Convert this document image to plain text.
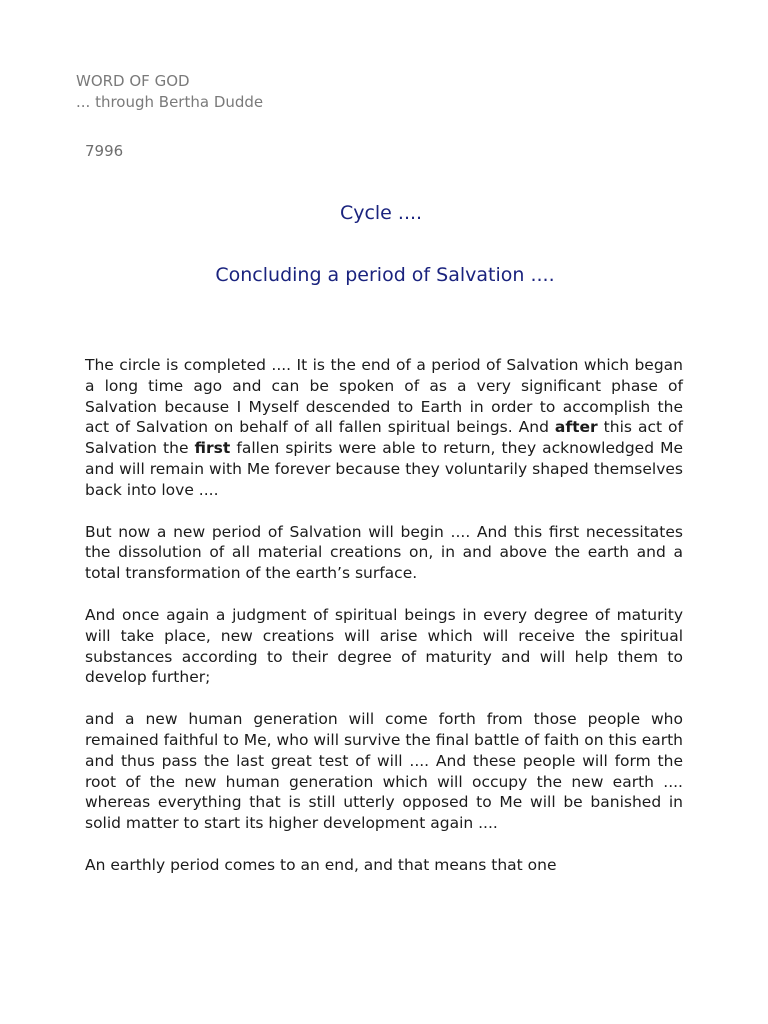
WORD OF GOD
... through Bertha Dudde
7996
Cycle ....
Concluding a period of Salvation ....

The circle is completed .... It is the end of a period of Salvation which began a long time ago and can be spoken of as a very significant phase of Salvation because I Myself descended to Earth in order to accomplish the act of Salvation on behalf of all fallen spiritual beings. And after this act of Salvation the first fallen spirits were able to return, they acknowledged Me and will remain with Me forever because they voluntarily shaped themselves back into love ....

But now a new period of Salvation will begin .... And this first necessitates the dissolution of all material creations on, in and above the earth and a total transformation of the earth’s surface.

And once again a judgment of spiritual beings in every degree of maturity will take place, new creations will arise which will receive the spiritual substances according to their degree of maturity and will help them to develop further;

and a new human generation will come forth from those people who remained faithful to Me, who will survive the final battle of faith on this earth and thus pass the last great test of will .... And these people will form the root of the new human generation which will occupy the new earth .... whereas everything that is still utterly opposed to Me will be banished in solid matter to start its higher development again ....

An earthly period comes to an end, and that means that one
